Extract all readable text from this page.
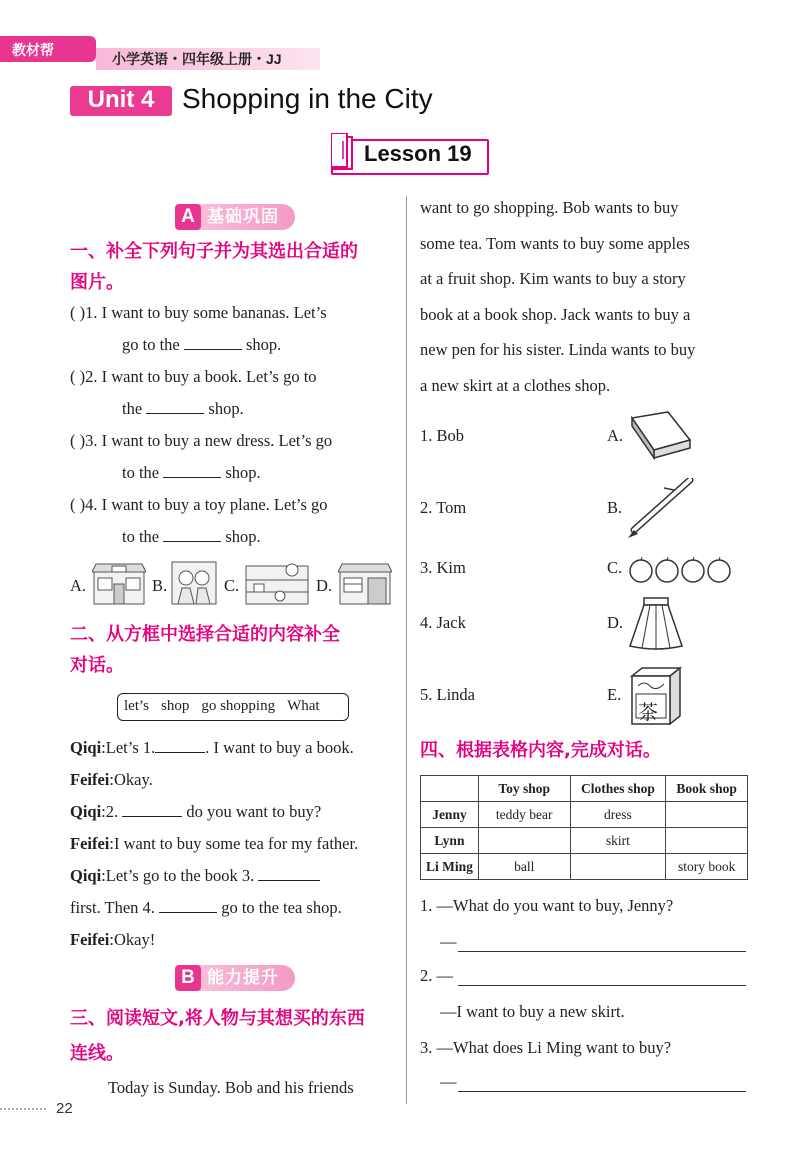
教材帮
小学英语・四年级上册・JJ
Unit 4 Shopping in the City
Lesson 19
A 基础巩固
一、补全下列句子并为其选出合适的
图片。
( )1. I want to buy some bananas. Let’s
go to the	shop.
( )2. I want to buy a book. Let’s go to
the	shop.
( )3. I want to buy a new dress. Let’s go
to the	shop.
( )4. I want to buy a toy plane. Let’s go
to the	shop.
A.	B.	C.	D.
二、从方框中选择合适的内容补全
对话。
let’s shop go shopping What
Qiqi:Let’s 1.	. I want to buy a book.
Feifei:Okay.
Qiqi:2.	do you want to buy?
Feifei:I want to buy some tea for my father.
Qiqi:Let’s go to the book 3.
first. Then 4.	go to the tea shop.
Feifei:Okay!
B 能力提升
三、阅读短文,将人物与其想买的东西
连线。
Today is Sunday. Bob and his friends
want to go shopping. Bob wants to buy
some tea. Tom wants to buy some apples
at a fruit shop. Kim wants to buy a story
book at a book shop. Jack wants to buy a
new pen for his sister. Linda wants to buy
a new skirt at a clothes shop.
1. Bob
2. Tom
3. Kim
4. Jack
5. Linda
A.
B.
C.
D.
E.
茶
四、根据表格内容,完成对话。
	Toy shop	Clothes shop	Book shop
Jenny	teddy bear	dress	
Lynn		skirt	
Li Ming	ball		story book
1. —What do you want to buy, Jenny?
—
2. —
—I want to buy a new skirt.
3. —What does Li Ming want to buy?
—
22
